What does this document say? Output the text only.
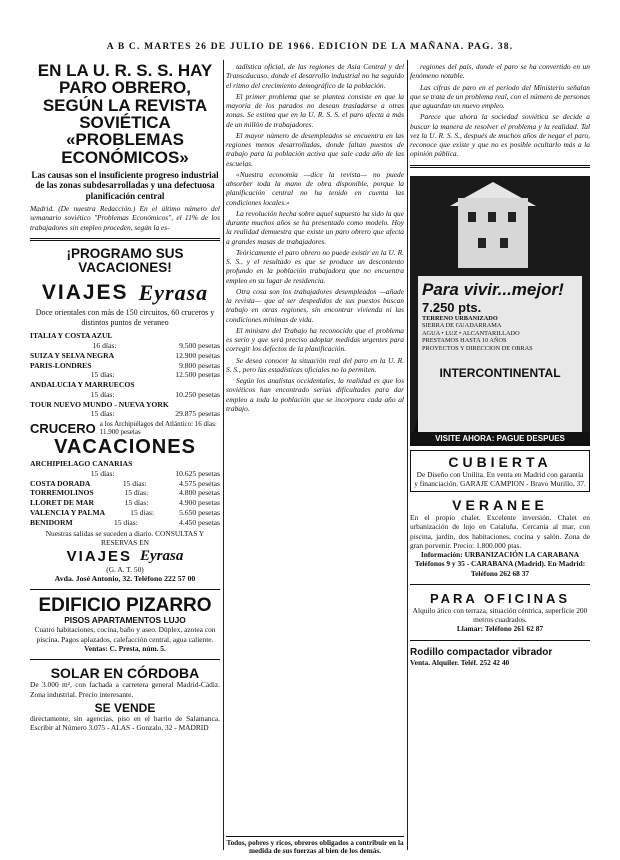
A B C. MARTES 26 DE JULIO DE 1966. EDICION DE LA MAÑANA. PAG. 38.
EN LA U. R. S. S. HAY PARO OBRERO, SEGÚN LA REVISTA SOVIÉTICA «PROBLEMAS ECONÓMICOS»
Las causas son el insuficiente progreso industrial de las zonas subdesarrolladas y una defectuosa planificación central

Madrid. (De nuestra Redacción.) En el último número del semanario soviético "Problemas Económicos", el 11% de los trabajadores sin empleo proceden, según la es-

¡PROGRAMO SUS VACACIONES!
VIAJES Eyrasa

Doce orientales con más de 150 circuitos, 60 cruceros y distintos puntos de veraneo

ITALIA Y COSTA AZUL
16 días:	9.500 pesetas
SUIZA Y SELVA NEGRA	12.900 pesetas
PARIS-LONDRES	9.800 pesetas
15 días:	12.500 pesetas
ANDALUCIA Y MARRUECOS
15 días:	10.250 pesetas
TOUR NUEVO MUNDO - NUEVA YORK
15 días:	29.875 pesetas
CRUCERO a los Archipiélagos del Atlántico: 16 días: 11.900 pesetas
VACACIONES
ARCHIPIELAGO CANARIAS
15 días:	10.625 pesetas
COSTA DORADA	15 días:	4.575 pesetas
TORREMOLINOS	15 días:	4.800 pesetas
LLORET DE MAR	15 días:	4.900 pesetas
VALENCIA Y PALMA	15 días:	5.650 pesetas
BENIDORM	15 días:	4.450 pesetas

Nuestras salidas se suceden a diario. CONSULTAS Y RESERVAS EN

VIAJES Eyrasa

(G. A. T. 50)

Avda. José Antonio, 32. Teléfono 222 57 00

EDIFICIO PIZARRO
PISOS APARTAMENTOS LUJO

Cuatro habitaciones, cocina, baño y aseo. Dúplex, azotea con piscina. Pagos aplazados, calefacción central, agua caliente.

Ventas: C. Presta, núm. 5.

SOLAR EN CÓRDOBA

De 3.000 m², con fachada a carretera general Madrid-Cádiz. Zona industrial. Precio interesante.

SE VENDE

directamente, sin agencias, piso en el barrio de Salamanca. Escribir al Número 3.075 - ALAS - Gonzalo, 32 - MADRID

tadística oficial, de las regiones de Asia Central y del Transcáucaso, donde el desarrollo industrial no ha seguido el ritmo del crecimiento demográfico de la población.

El primer problema que se plantea consiste en que la mayoría de los parados no desean trasladarse a otras zonas. Se estima que en la U. R. S. S. el paro afecta a más de un millón de trabajadores.

El mayor número de desempleados se encuentra en las regiones menos desarrolladas, donde faltan puestos de trabajo para la población activa que sale cada año de las escuelas.

«Nuestra economía —dice la revista— no puede absorber toda la mano de obra disponible, porque la planificación central no ha tenido en cuenta las condiciones locales.»

La revolución hecha sobre aquel supuesto ha sido la que durante muchos años se ha presentado como modelo. Hoy la realidad demuestra que existe un paro obrero que afecta a grandes masas de trabajadores.

Teóricamente el paro obrero no puede existir en la U. R. S. S., y el resultado es que se produce un descontento profundo en la población trabajadora que no encuentra empleo en su lugar de residencia.

Otra cosa son los trabajadores desempleados —añade la revista— que al ser despedidos de sus puestos buscan trabajo en otras regiones, sin encontrar vivienda ni las condiciones mínimas de vida.

El ministro del Trabajo ha reconocido que el problema es serio y que será preciso adoptar medidas urgentes para corregir los defectos de la planificación.

Se desea conocer la situación real del paro en la U. R. S. S., pero las estadísticas oficiales no lo permiten.

Según los analistas occidentales, la realidad es que los soviéticos han encontrado serias dificultades para dar empleo a toda la población que se incorpora cada año al trabajo.

Todos, pobres y ricos, obreros obligados a contribuir en la medida de sus fuerzas al bien de los demás.

regiones del país, donde el paro se ha convertido en un fenómeno notable.

Las cifras de paro en el período del Ministerio señalan que se trata de un problema real, con el número de personas que aguardan un nuevo empleo.

Parece que ahora la sociedad soviética se decide a buscar la manera de resolver el problema y la realidad. Tal vez la U. R. S. S., después de muchos años de negar el paro, reconoce que existe y que no es posible ocultarlo más a la opinión pública.

Para vivir...mejor!
7.250 pts.
TERRENO URBANIZADO
SIERRA DE GUADARRAMA
AGUA • LUZ • ALCANTARILLADO
PRESTAMOS HASTA 10 AÑOS
PROYECTOS Y DIRECCION DE OBRAS
INTERCONTINENTAL
VISITE AHORA: PAGUE DESPUES
CUBIERTA

De Diseño con Unilita. En venta en Madrid con garantía y financiación. GARAJE CAMPION - Bravo Murillo, 37.

VERANEE

En el propio chalet. Excelente inversión. Chalet en urbanización de lujo en Cataluña. Cercanía al mar, con piscina, jardín, dos habitaciones, cocina y salón. Zona de gran porvenir. Precio: 1.800.000 ptas.

Información: URBANIZACIÓN LA CARABANA

Teléfonos 9 y 35 - CARABANA (Madrid). En Madrid: Teléfono 262 68 37

PARA OFICINAS

Alquilo ático con terraza, situación céntrica, superficie 200 metros cuadrados.

Llamar: Teléfono 261 62 87

Rodillo compactador vibrador

Venta. Alquiler. Teléf. 252 42 40
